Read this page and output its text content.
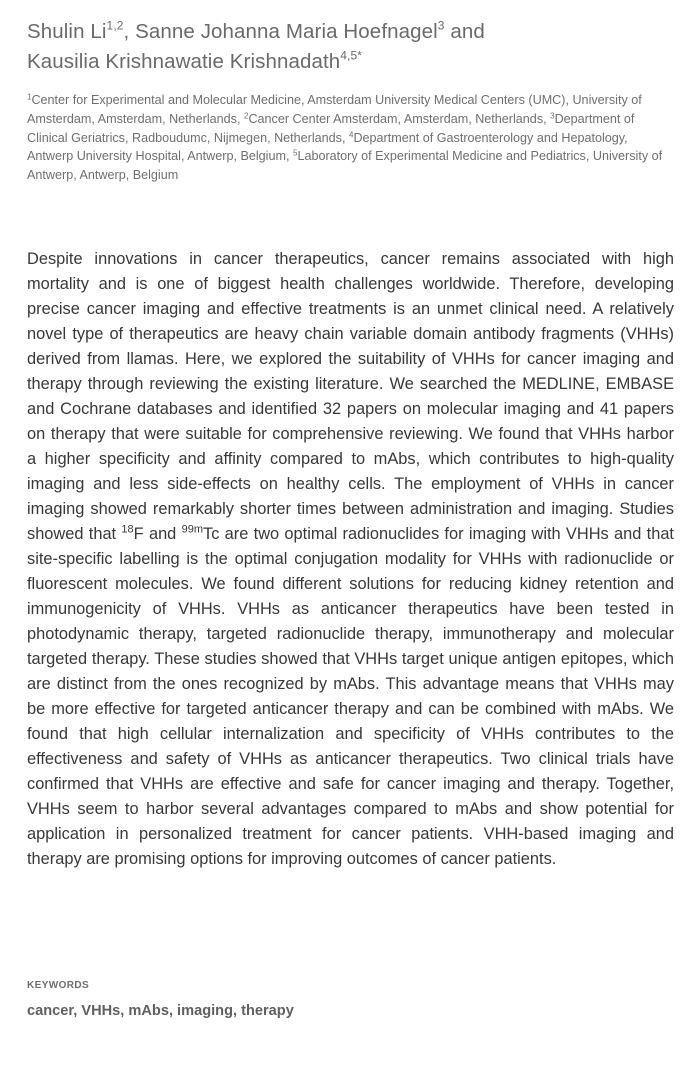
Shulin Li$^{1,2}$, Sanne Johanna Maria Hoefnagel$^3$ and
Kausilia Krishnawatie Krishnadath$^{4,5*}$
$^1$Center for Experimental and Molecular Medicine, Amsterdam University Medical Centers (UMC), University of Amsterdam, Amsterdam, Netherlands, $^2$Cancer Center Amsterdam, Amsterdam, Netherlands, $^3$Department of Clinical Geriatrics, Radboudumc, Nijmegen, Netherlands, $^4$Department of Gastroenterology and Hepatology, Antwerp University Hospital, Antwerp, Belgium, $^5$Laboratory of Experimental Medicine and Pediatrics, University of Antwerp, Antwerp, Belgium

Despite innovations in cancer therapeutics, cancer remains associated with high mortality and is one of biggest health challenges worldwide. Therefore, developing precise cancer imaging and effective treatments is an unmet clinical need. A relatively novel type of therapeutics are heavy chain variable domain antibody fragments (VHHs) derived from llamas. Here, we explored the suitability of VHHs for cancer imaging and therapy through reviewing the existing literature. We searched the MEDLINE, EMBASE and Cochrane databases and identified 32 papers on molecular imaging and 41 papers on therapy that were suitable for comprehensive reviewing. We found that VHHs harbor a higher specificity and affinity compared to mAbs, which contributes to high-quality imaging and less side-effects on healthy cells. The employment of VHHs in cancer imaging showed remarkably shorter times between administration and imaging. Studies showed that $^{18}$F and $^{99m}$Tc are two optimal radionuclides for imaging with VHHs and that site-specific labelling is the optimal conjugation modality for VHHs with radionuclide or fluorescent molecules. We found different solutions for reducing kidney retention and immunogenicity of VHHs. VHHs as anticancer therapeutics have been tested in photodynamic therapy, targeted radionuclide therapy, immunotherapy and molecular targeted therapy. These studies showed that VHHs target unique antigen epitopes, which are distinct from the ones recognized by mAbs. This advantage means that VHHs may be more effective for targeted anticancer therapy and can be combined with mAbs. We found that high cellular internalization and specificity of VHHs contributes to the effectiveness and safety of VHHs as anticancer therapeutics. Two clinical trials have confirmed that VHHs are effective and safe for cancer imaging and therapy. Together, VHHs seem to harbor several advantages compared to mAbs and show potential for application in personalized treatment for cancer patients. VHH-based imaging and therapy are promising options for improving outcomes of cancer patients.

KEYWORDS
cancer, VHHs, mAbs, imaging, therapy
